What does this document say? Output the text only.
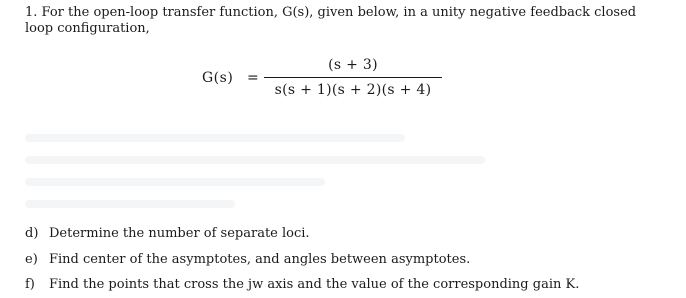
1. For the open-loop transfer function, G(s), given below, in a unity negative feedback closed loop configuration,
G(s) =
(s + 3)
s(s + 1)(s + 2)(s + 4)
d) Determine the number of separate loci.
e) Find center of the asymptotes, and angles between asymptotes.
f) Find the points that cross the jw axis and the value of the corresponding gain K.
